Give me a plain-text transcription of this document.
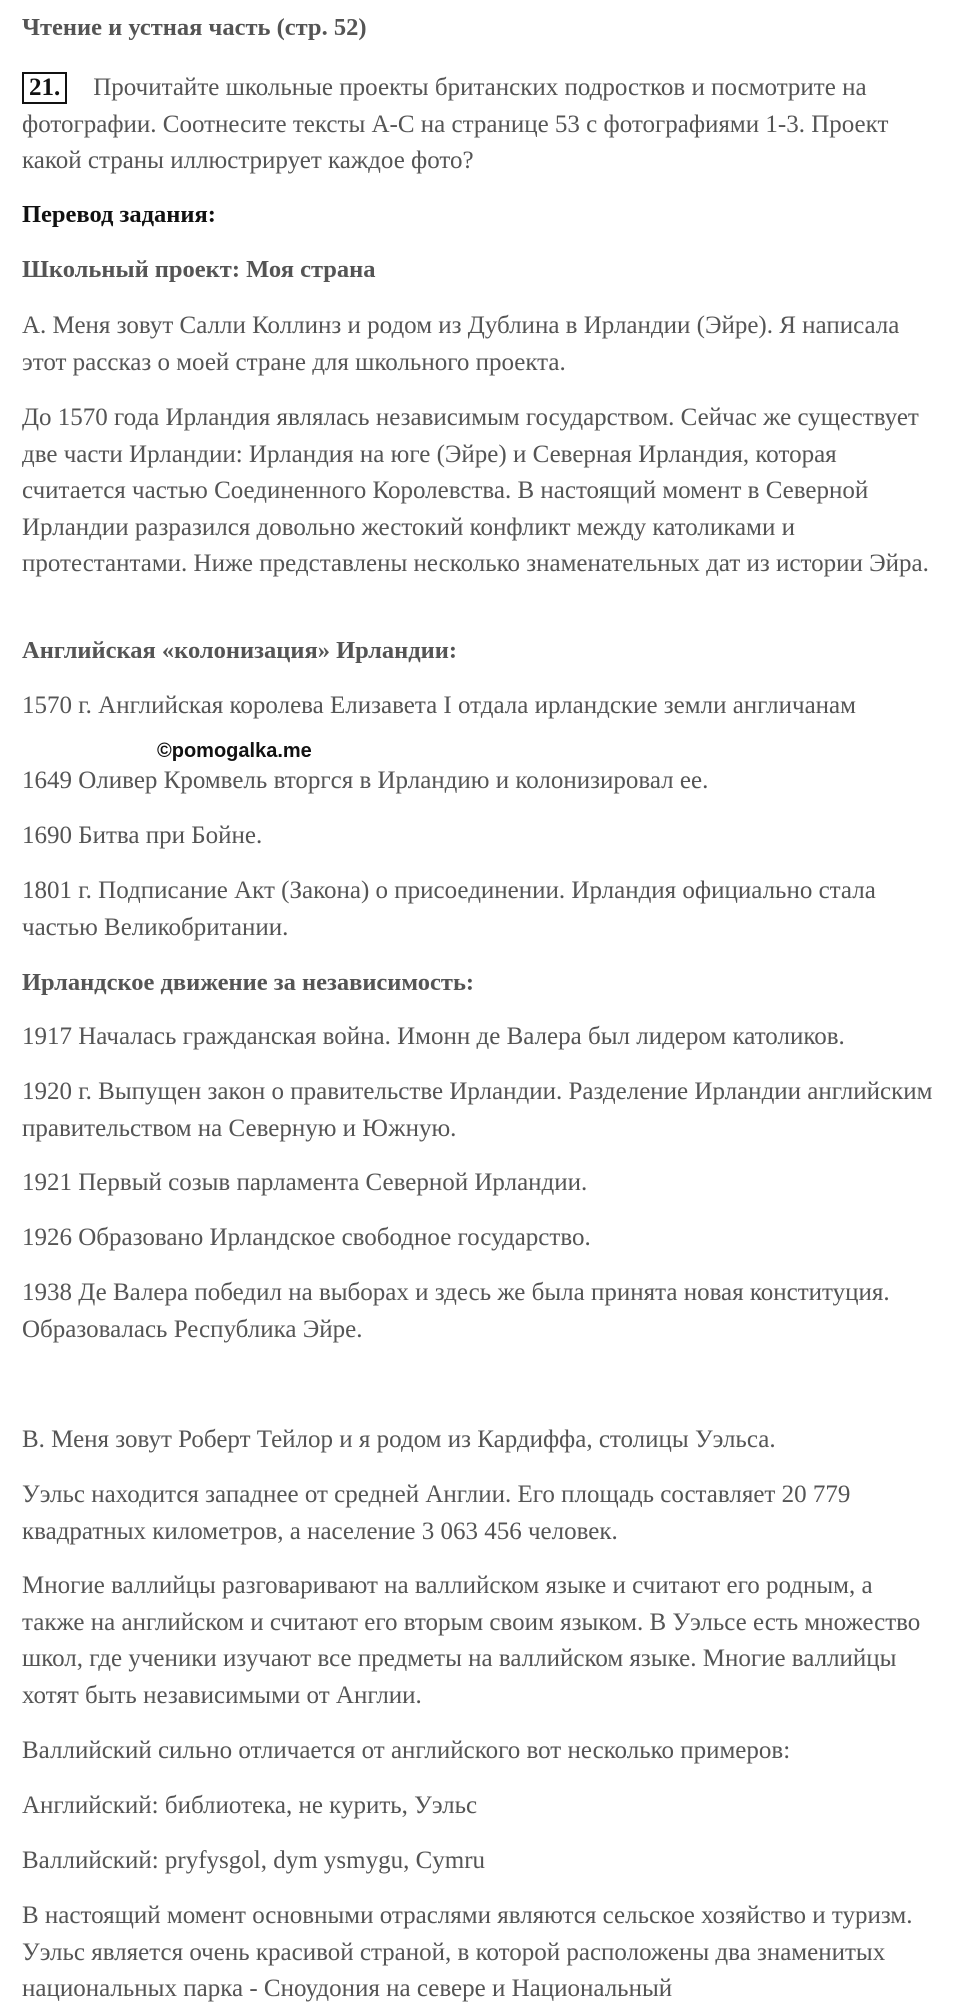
Чтение и устная часть (стр. 52)

21. Прочитайте школьные проекты британских подростков и посмотрите на фотографии. Соотнесите тексты А-С на странице 53 с фотографиями 1-3. Проект какой страны иллюстрирует каждое фото?

Перевод задания:
Школьный проект: Моя страна

А. Меня зовут Салли Коллинз и родом из Дублина в Ирландии (Эйре). Я написала этот рассказ о моей стране для школьного проекта.

До 1570 года Ирландия являлась независимым государством. Сейчас же существует две части Ирландии: Ирландия на юге (Эйре) и Северная Ирландия, которая считается частью Соединенного Королевства. В настоящий момент в Северной Ирландии разразился довольно жестокий конфликт между католиками и протестантами. Ниже представлены несколько знаменательных дат из истории Эйра.

Английская «колонизация» Ирландии:

1570 г. Английская королева Елизавета I отдала ирландские земли англичанам

1649 Оливер Кромвель вторгся в Ирландию и колонизировал ее.

1690 Битва при Бойне.

1801 г. Подписание Акт (Закона) о присоединении. Ирландия официально стала частью Великобритании.

Ирландское движение за независимость:

1917 Началась гражданская война. Имонн де Валера был лидером католиков.

1920 г. Выпущен закон о правительстве Ирландии. Разделение Ирландии английским правительством на Северную и Южную.

1921 Первый созыв парламента Северной Ирландии.

1926 Образовано Ирландское свободное государство.

1938 Де Валера победил на выборах и здесь же была принята новая конституция. Образовалась Республика Эйре.

В. Меня зовут Роберт Тейлор и я родом из Кардиффа, столицы Уэльса.

Уэльс находится западнее от средней Англии. Его площадь составляет 20 779 квадратных километров, а население 3 063 456 человек.

Многие валлийцы разговаривают на валлийском языке и считают его родным, а также на английском и считают его вторым своим языком. В Уэльсе есть множество школ, где ученики изучают все предметы на валлийском языке. Многие валлийцы хотят быть независимыми от Англии.

Валлийский сильно отличается от английского вот несколько примеров:

Английский: библиотека, не курить, Уэльс

Валлийский: pryfysgol, dym ysmygu, Cymru

В настоящий момент основными отраслями являются сельское хозяйство и туризм. Уэльс является очень красивой страной, в которой расположены два знаменитых национальных парка - Сноудония на севере и Национальный

©pomogalka.me
